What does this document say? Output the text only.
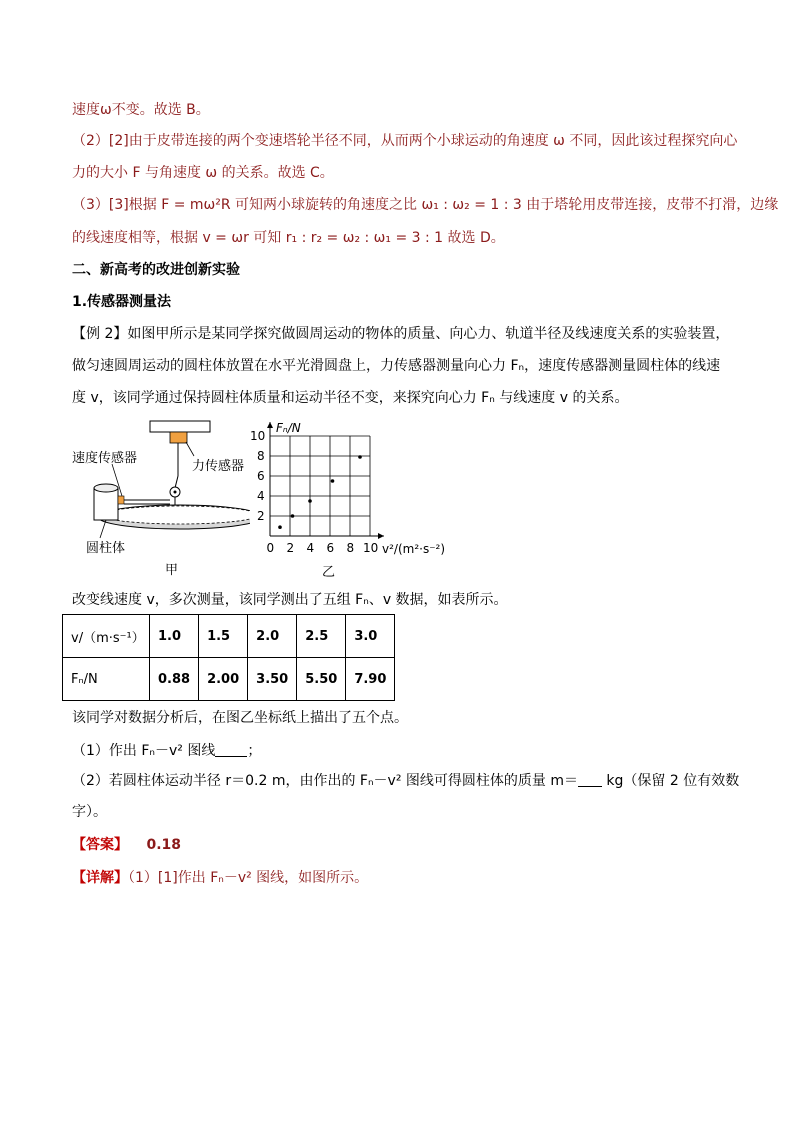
速度ω不变。故选 B。
（2）[2]由于皮带连接的两个变速塔轮半径不同，从而两个小球运动的角速度 ω 不同，因此该过程探究向心
力的大小 F 与角速度 ω 的关系。故选 C。
（3）[3]根据 F = mω²R 可知两小球旋转的角速度之比 ω₁ : ω₂ = 1 : 3 由于塔轮用皮带连接，皮带不打滑，边缘
的线速度相等，根据 v = ωr 可知 r₁ : r₂ = ω₂ : ω₁ = 3 : 1 故选 D。
二、新高考的改进创新实验
1.传感器测量法
【例 2】如图甲所示是某同学探究做圆周运动的物体的质量、向心力、轨道半径及线速度关系的实验装置，
做匀速圆周运动的圆柱体放置在水平光滑圆盘上，力传感器测量向心力 Fₙ，速度传感器测量圆柱体的线速
度 v，该同学通过保持圆柱体质量和运动半径不变，来探究向心力 Fₙ 与线速度 v 的关系。
速度传感器
力传感器
圆柱体
甲
Fₙ/N
v²/(m²·s⁻²)
乙
0 2 4 6 8 10
2
4
6
8
10
改变线速度 v，多次测量，该同学测出了五组 Fₙ、v 数据，如表所示。
v/（m·s⁻¹）	1.0	1.5	2.0	2.5	3.0
Fₙ/N	0.88	2.00	3.50	5.50	7.90
该同学对数据分析后，在图乙坐标纸上描出了五个点。
（1）作出 Fₙ－v² 图线 ；
（2）若圆柱体运动半径 r＝0.2 m，由作出的 Fₙ－v² 图线可得圆柱体的质量 m＝ kg（保留 2 位有效数
字）。
【答案】 0.18
【详解】（1）[1]作出 Fₙ－v² 图线，如图所示。
